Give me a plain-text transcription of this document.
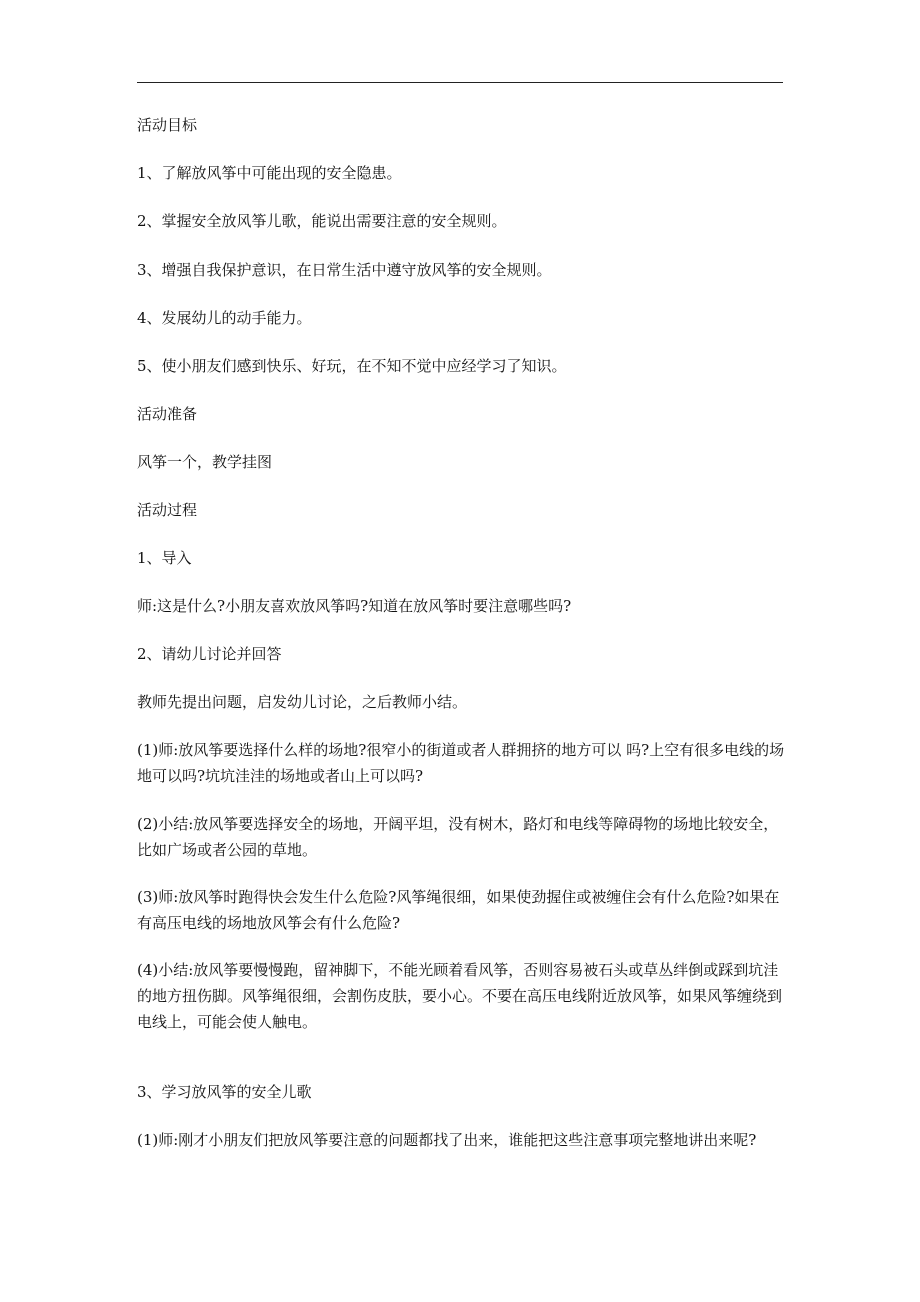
活动目标

1、了解放风筝中可能出现的安全隐患。

2、掌握安全放风筝儿歌，能说出需要注意的安全规则。

3、增强自我保护意识，在日常生活中遵守放风筝的安全规则。

4、发展幼儿的动手能力。

5、使小朋友们感到快乐、好玩，在不知不觉中应经学习了知识。

活动准备

风筝一个，教学挂图

活动过程

1、导入

师:这是什么?小朋友喜欢放风筝吗?知道在放风筝时要注意哪些吗?

2、请幼儿讨论并回答

教师先提出问题，启发幼儿讨论，之后教师小结。

(1)师:放风筝要选择什么样的场地?很窄小的街道或者人群拥挤的地方可以 吗?上空有很多电线的场地可以吗?坑坑洼洼的场地或者山上可以吗?

(2)小结:放风筝要选择安全的场地，开阔平坦，没有树木，路灯和电线等障碍物的场地比较安全，比如广场或者公园的草地。

(3)师:放风筝时跑得快会发生什么危险?风筝绳很细，如果使劲握住或被缠住会有什么危险?如果在有高压电线的场地放风筝会有什么危险?

(4)小结:放风筝要慢慢跑，留神脚下，不能光顾着看风筝，否则容易被石头或草丛绊倒或踩到坑洼的地方扭伤脚。风筝绳很细，会割伤皮肤，要小心。不要在高压电线附近放风筝，如果风筝缠绕到电线上，可能会使人触电。

3、学习放风筝的安全儿歌

(1)师:刚才小朋友们把放风筝要注意的问题都找了出来，谁能把这些注意事项完整地讲出来呢?
